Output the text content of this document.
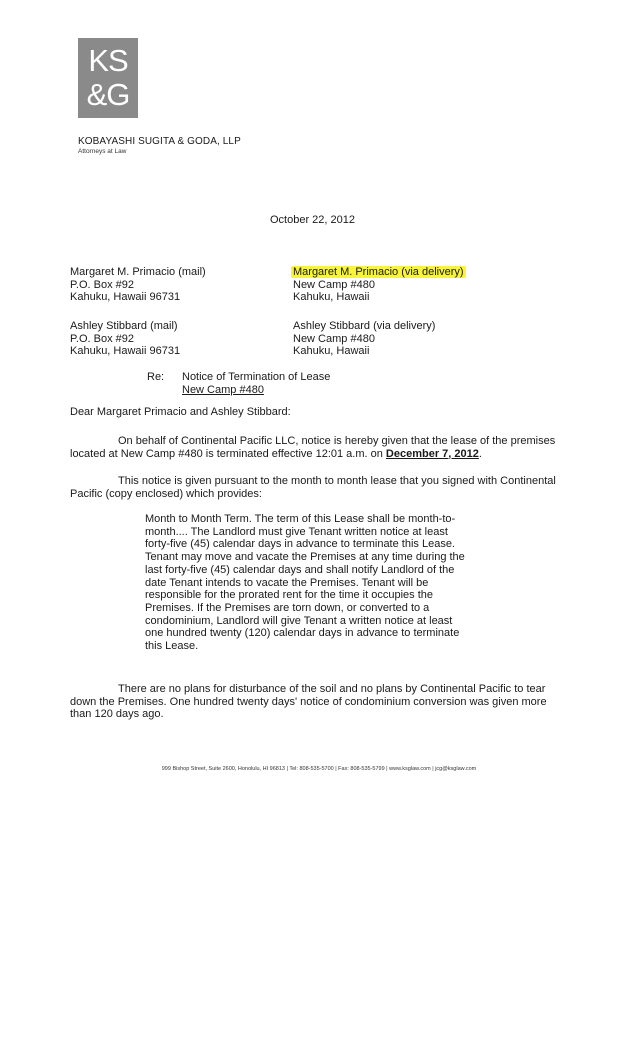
KS
&G
KOBAYASHI SUGITA & GODA, LLP
Attorneys at Law
October 22, 2012
Margaret M. Primacio (mail)
P.O. Box #92
Kahuku, Hawaii 96731
Ashley Stibbard (mail)
P.O. Box #92
Kahuku, Hawaii 96731
Margaret M. Primacio (via delivery)
New Camp #480
Kahuku, Hawaii
Ashley Stibbard (via delivery)
New Camp #480
Kahuku, Hawaii
Re: Notice of Termination of Lease
New Camp #480
Dear Margaret Primacio and Ashley Stibbard:
On behalf of Continental Pacific LLC, notice is hereby given that the lease of the premises located at New Camp #480 is terminated effective 12:01 a.m. on December 7, 2012.
This notice is given pursuant to the month to month lease that you signed with Continental Pacific (copy enclosed) which provides:
Month to Month Term. The term of this Lease shall be month-to-month.... The Landlord must give Tenant written notice at least forty-five (45) calendar days in advance to terminate this Lease. Tenant may move and vacate the Premises at any time during the last forty-five (45) calendar days and shall notify Landlord of the date Tenant intends to vacate the Premises. Tenant will be responsible for the prorated rent for the time it occupies the Premises. If the Premises are torn down, or converted to a condominium, Landlord will give Tenant a written notice at least one hundred twenty (120) calendar days in advance to terminate this Lease.
There are no plans for disturbance of the soil and no plans by Continental Pacific to tear down the Premises. One hundred twenty days' notice of condominium conversion was given more than 120 days ago.
999 Bishop Street, Suite 2600, Honolulu, HI 96813 | Tel: 808-535-5700 | Fax: 808-535-5799 | www.ksglaw.com | jcg@ksglaw.com
